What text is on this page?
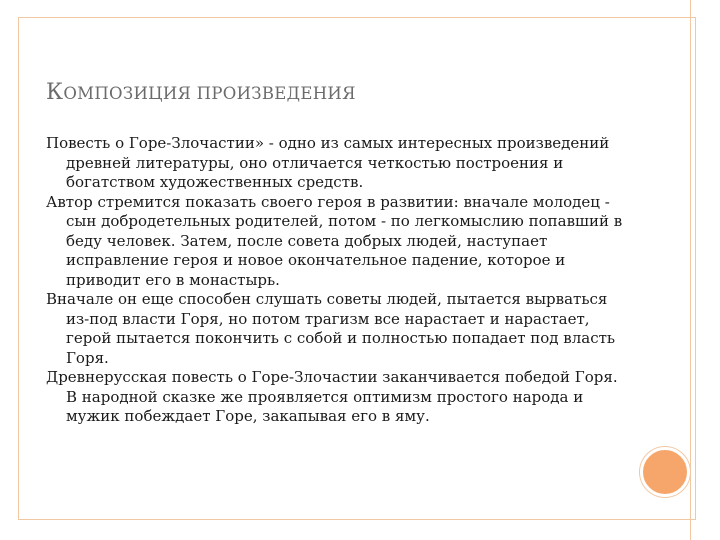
КОМПОЗИЦИЯ ПРОИЗВЕДЕНИЯ

Повесть о Горе-Злочастии» - одно из самых интересных произведений древней литературы, оно отличается четкостью построения и богатством художественных средств.

Автор стремится показать своего героя в развитии: вначале молодец - сын добродетельных родителей, потом - по легкомыслию попавший в беду человек. Затем, после совета добрых людей, наступает исправление героя и новое окончательное падение, которое и приводит его в монастырь.

Вначале он еще способен слушать советы людей, пытается вырваться из-под власти Горя, но потом трагизм все нарастает и нарастает, герой пытается покончить с собой и полностью попадает под власть Горя.

Древнерусская повесть о Горе-Злочастии заканчивается победой Горя. В народной сказке же проявляется оптимизм простого народа и мужик побеждает Горе, закапывая его в яму.
